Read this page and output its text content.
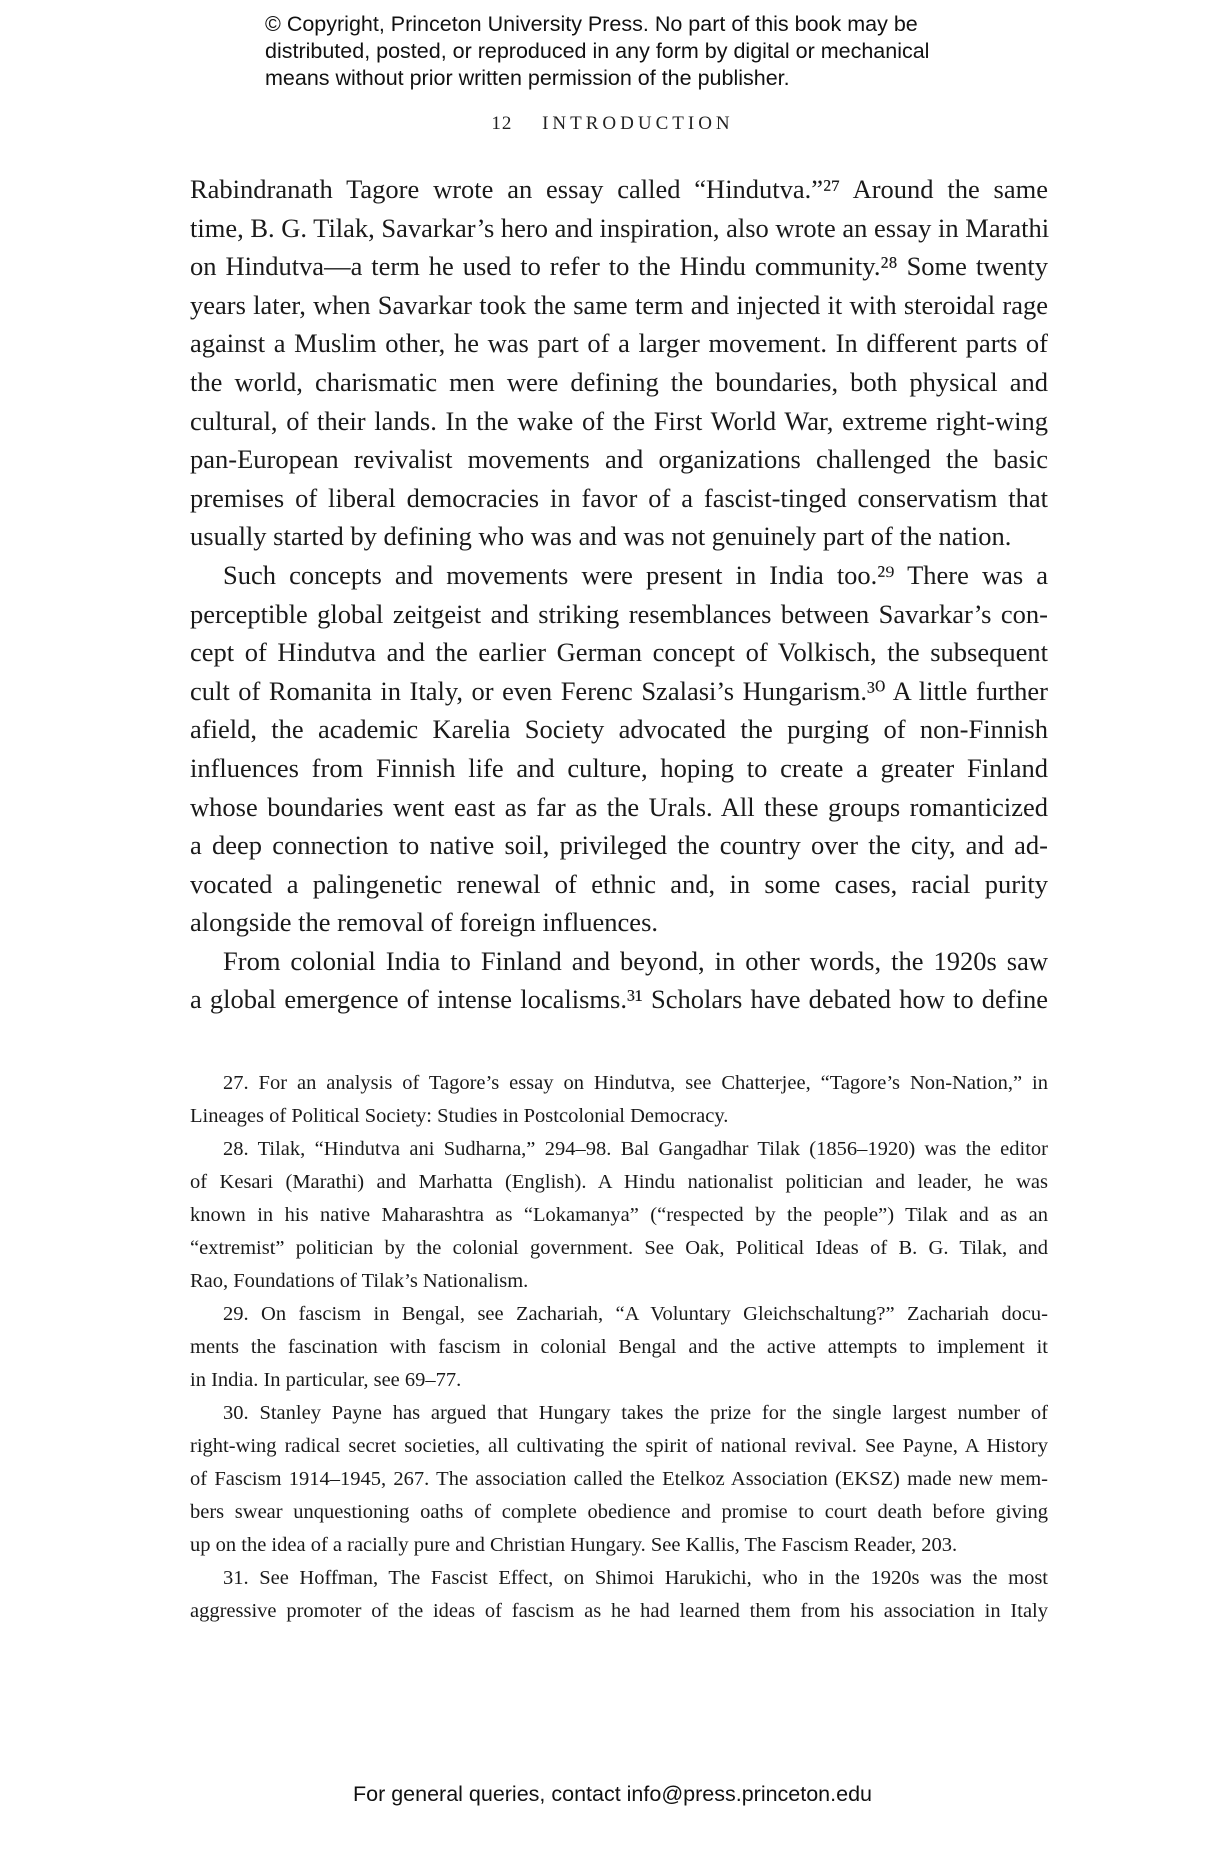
© Copyright, Princeton University Press. No part of this book may be
distributed, posted, or reproduced in any form by digital or mechanical
means without prior written permission of the publisher.
12 INTRODUCTION
Rabindranath Tagore wrote an essay called “Hindutva.”²⁷ Around the same
time, B. G. Tilak, Savarkar’s hero and inspiration, also wrote an essay in Marathi
on Hindutva—a term he used to refer to the Hindu community.²⁸ Some twenty
years later, when Savarkar took the same term and injected it with steroidal rage
against a Muslim other, he was part of a larger movement. In different parts of
the world, charismatic men were defining the boundaries, both physical and
cultural, of their lands. In the wake of the First World War, extreme right-wing
pan-European revivalist movements and organizations challenged the basic
premises of liberal democracies in favor of a fascist-tinged conservatism that
usually started by defining who was and was not genuinely part of the nation.
Such concepts and movements were present in India too.²⁹ There was a
perceptible global zeitgeist and striking resemblances between Savarkar’s con-
cept of Hindutva and the earlier German concept of Volkisch, the subsequent
cult of Romanita in Italy, or even Ferenc Szalasi’s Hungarism.³⁰ A little further
afield, the academic Karelia Society advocated the purging of non-Finnish
influences from Finnish life and culture, hoping to create a greater Finland
whose boundaries went east as far as the Urals. All these groups romanticized
a deep connection to native soil, privileged the country over the city, and ad-
vocated a palingenetic renewal of ethnic and, in some cases, racial purity
alongside the removal of foreign influences.
From colonial India to Finland and beyond, in other words, the 1920s saw
a global emergence of intense localisms.³¹ Scholars have debated how to define
27. For an analysis of Tagore’s essay on Hindutva, see Chatterjee, “Tagore’s Non-Nation,” in
Lineages of Political Society: Studies in Postcolonial Democracy.
28. Tilak, “Hindutva ani Sudharna,” 294–98. Bal Gangadhar Tilak (1856–1920) was the editor
of Kesari (Marathi) and Marhatta (English). A Hindu nationalist politician and leader, he was
known in his native Maharashtra as “Lokamanya” (“respected by the people”) Tilak and as an
“extremist” politician by the colonial government. See Oak, Political Ideas of B. G. Tilak, and
Rao, Foundations of Tilak’s Nationalism.
29. On fascism in Bengal, see Zachariah, “A Voluntary Gleichschaltung?” Zachariah docu-
ments the fascination with fascism in colonial Bengal and the active attempts to implement it
in India. In particular, see 69–77.
30. Stanley Payne has argued that Hungary takes the prize for the single largest number of
right-wing radical secret societies, all cultivating the spirit of national revival. See Payne, A History
of Fascism 1914–1945, 267. The association called the Etelkoz Association (EKSZ) made new mem-
bers swear unquestioning oaths of complete obedience and promise to court death before giving
up on the idea of a racially pure and Christian Hungary. See Kallis, The Fascism Reader, 203.
31. See Hoffman, The Fascist Effect, on Shimoi Harukichi, who in the 1920s was the most
aggressive promoter of the ideas of fascism as he had learned them from his association in Italy
For general queries, contact info@press.princeton.edu
